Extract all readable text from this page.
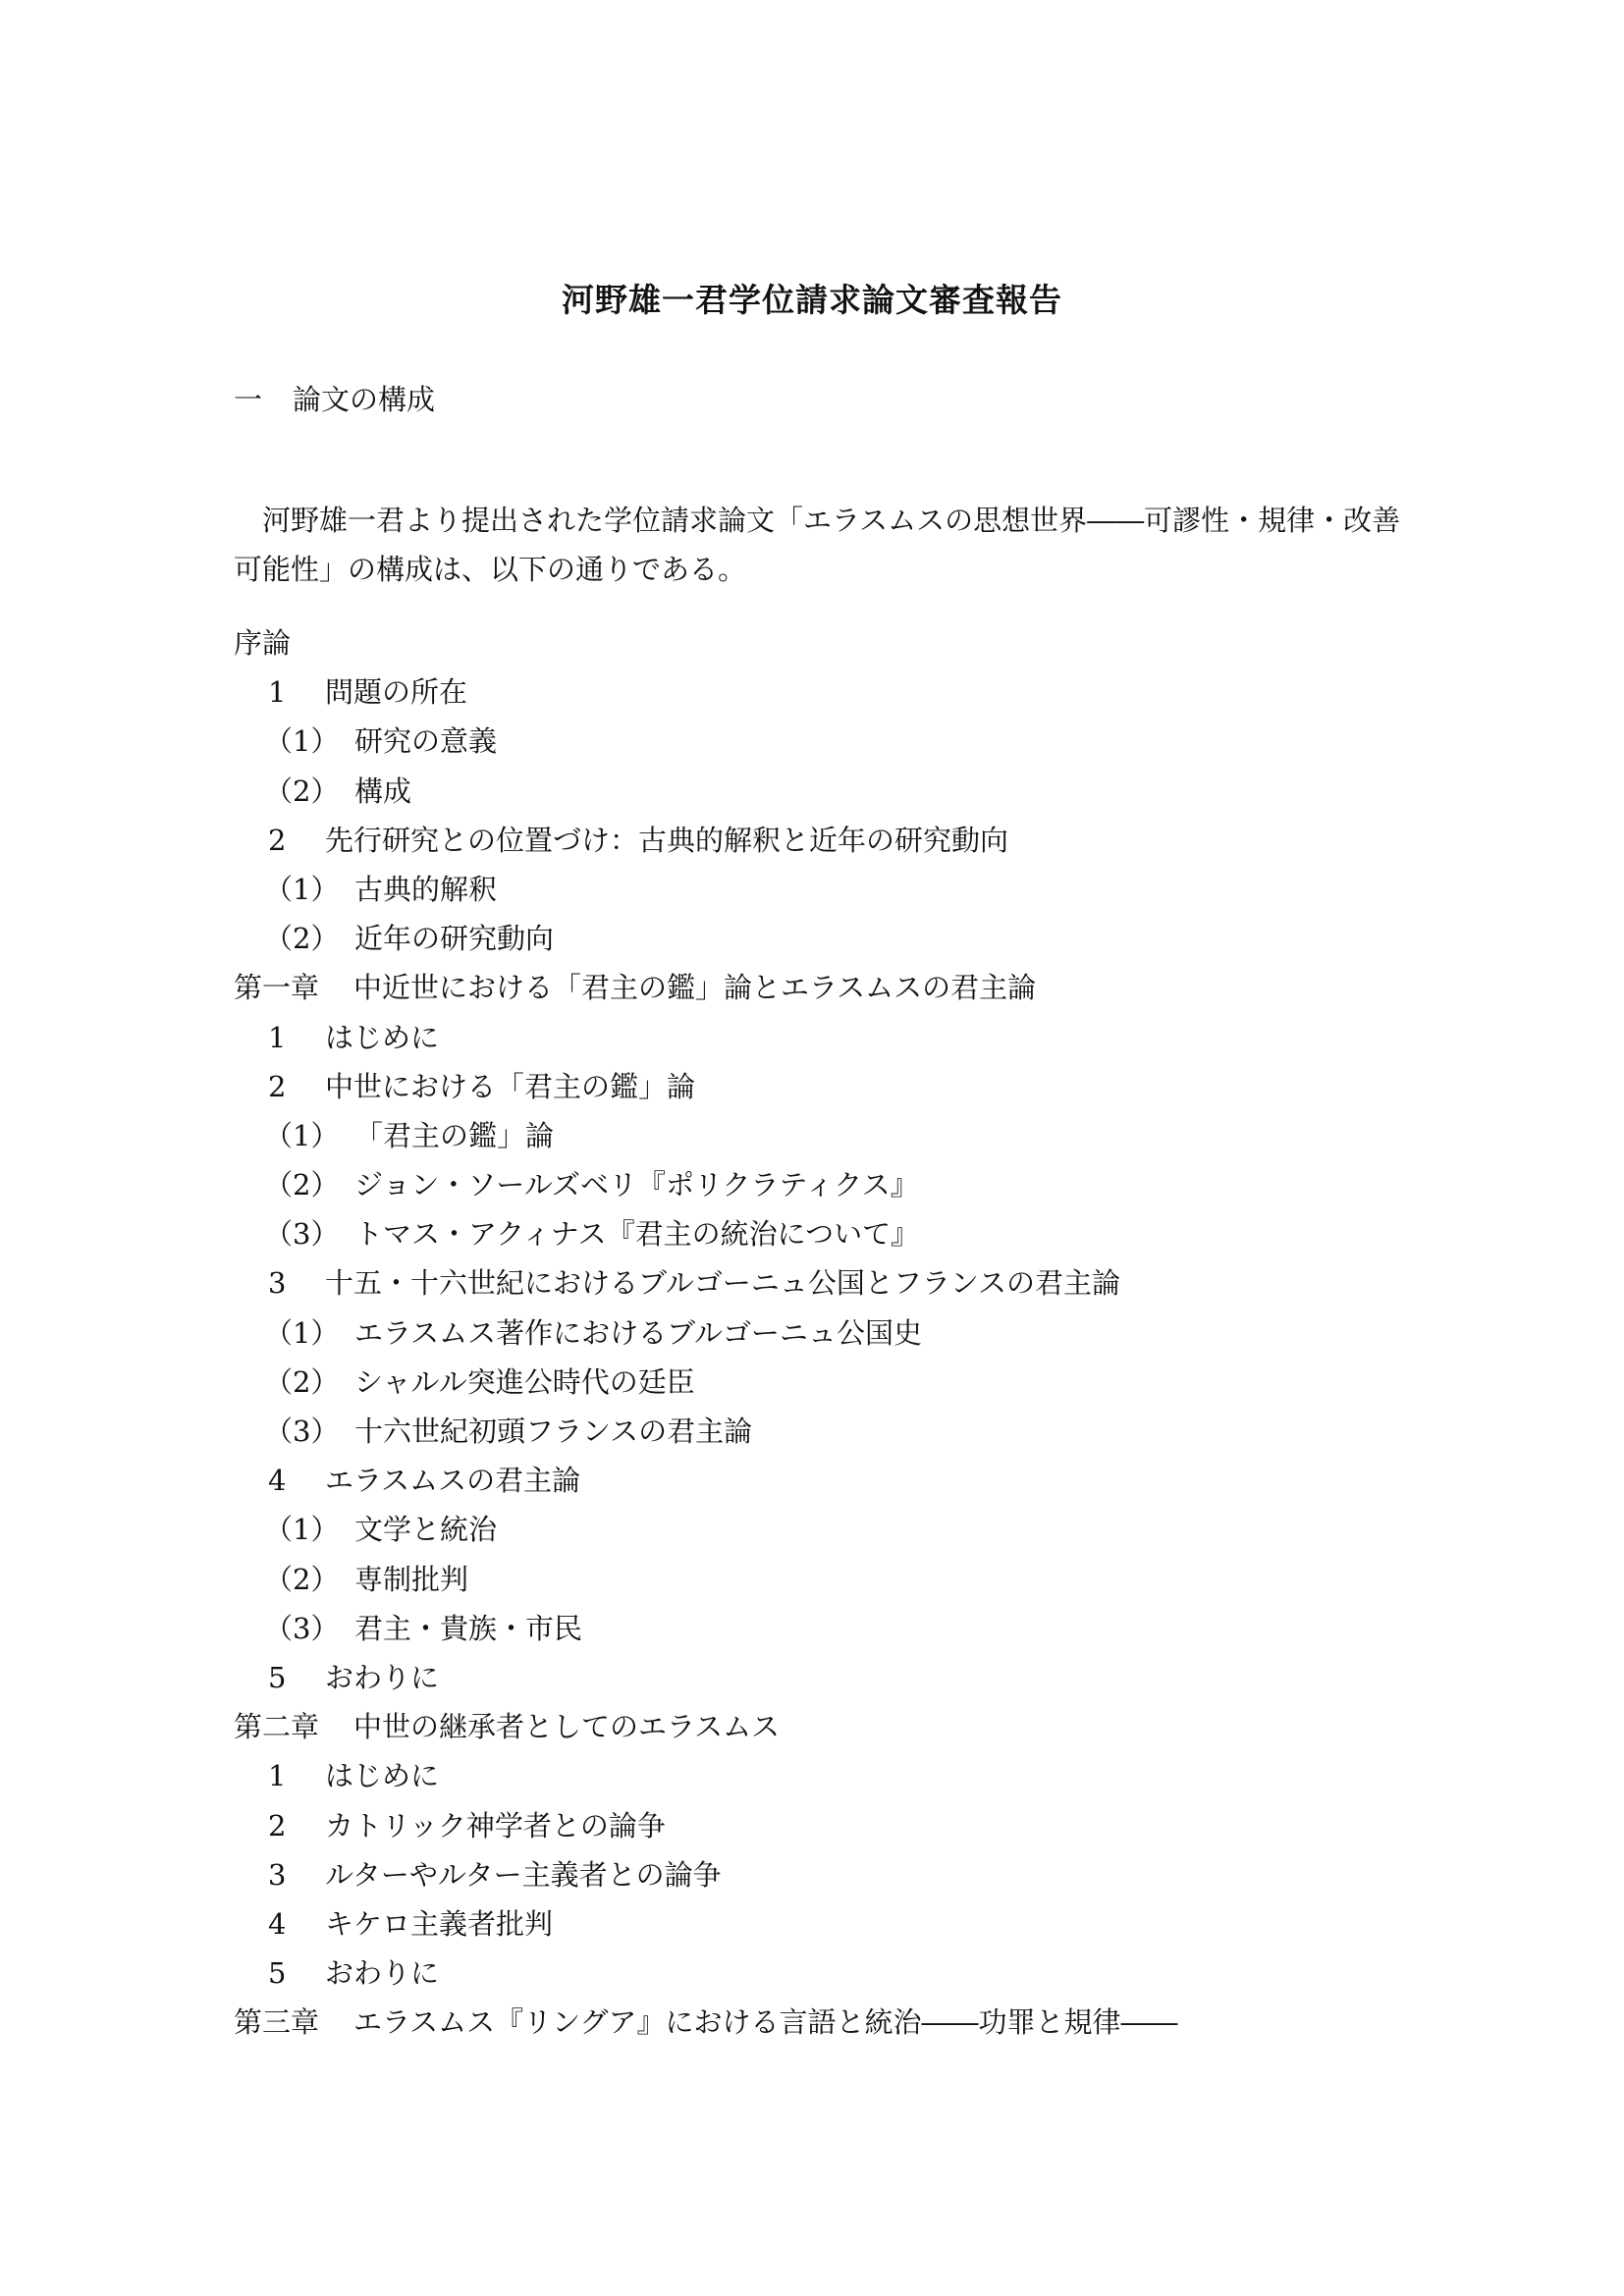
河野雄一君学位請求論文審査報告
一 論文の構成

河野雄一君より提出された学位請求論文「エラスムスの思想世界――可謬性・規律・改善可能性」の構成は、以下の通りである。

序論
1 問題の所在
（1） 研究の意義
（2） 構成
2 先行研究との位置づけ：古典的解釈と近年の研究動向
（1） 古典的解釈
（2） 近年の研究動向
第一章 中近世における「君主の鑑」論とエラスムスの君主論
1 はじめに
2 中世における「君主の鑑」論
（1） 「君主の鑑」論
（2） ジョン・ソールズベリ『ポリクラティクス』
（3） トマス・アクィナス『君主の統治について』
3 十五・十六世紀におけるブルゴーニュ公国とフランスの君主論
（1） エラスムス著作におけるブルゴーニュ公国史
（2） シャルル突進公時代の廷臣
（3） 十六世紀初頭フランスの君主論
4 エラスムスの君主論
（1） 文学と統治
（2） 専制批判
（3） 君主・貴族・市民
5 おわりに
第二章 中世の継承者としてのエラスムス
1 はじめに
2 カトリック神学者との論争
3 ルターやルター主義者との論争
4 キケロ主義者批判
5 おわりに
第三章 エラスムス『リングア』における言語と統治――功罪と規律――
